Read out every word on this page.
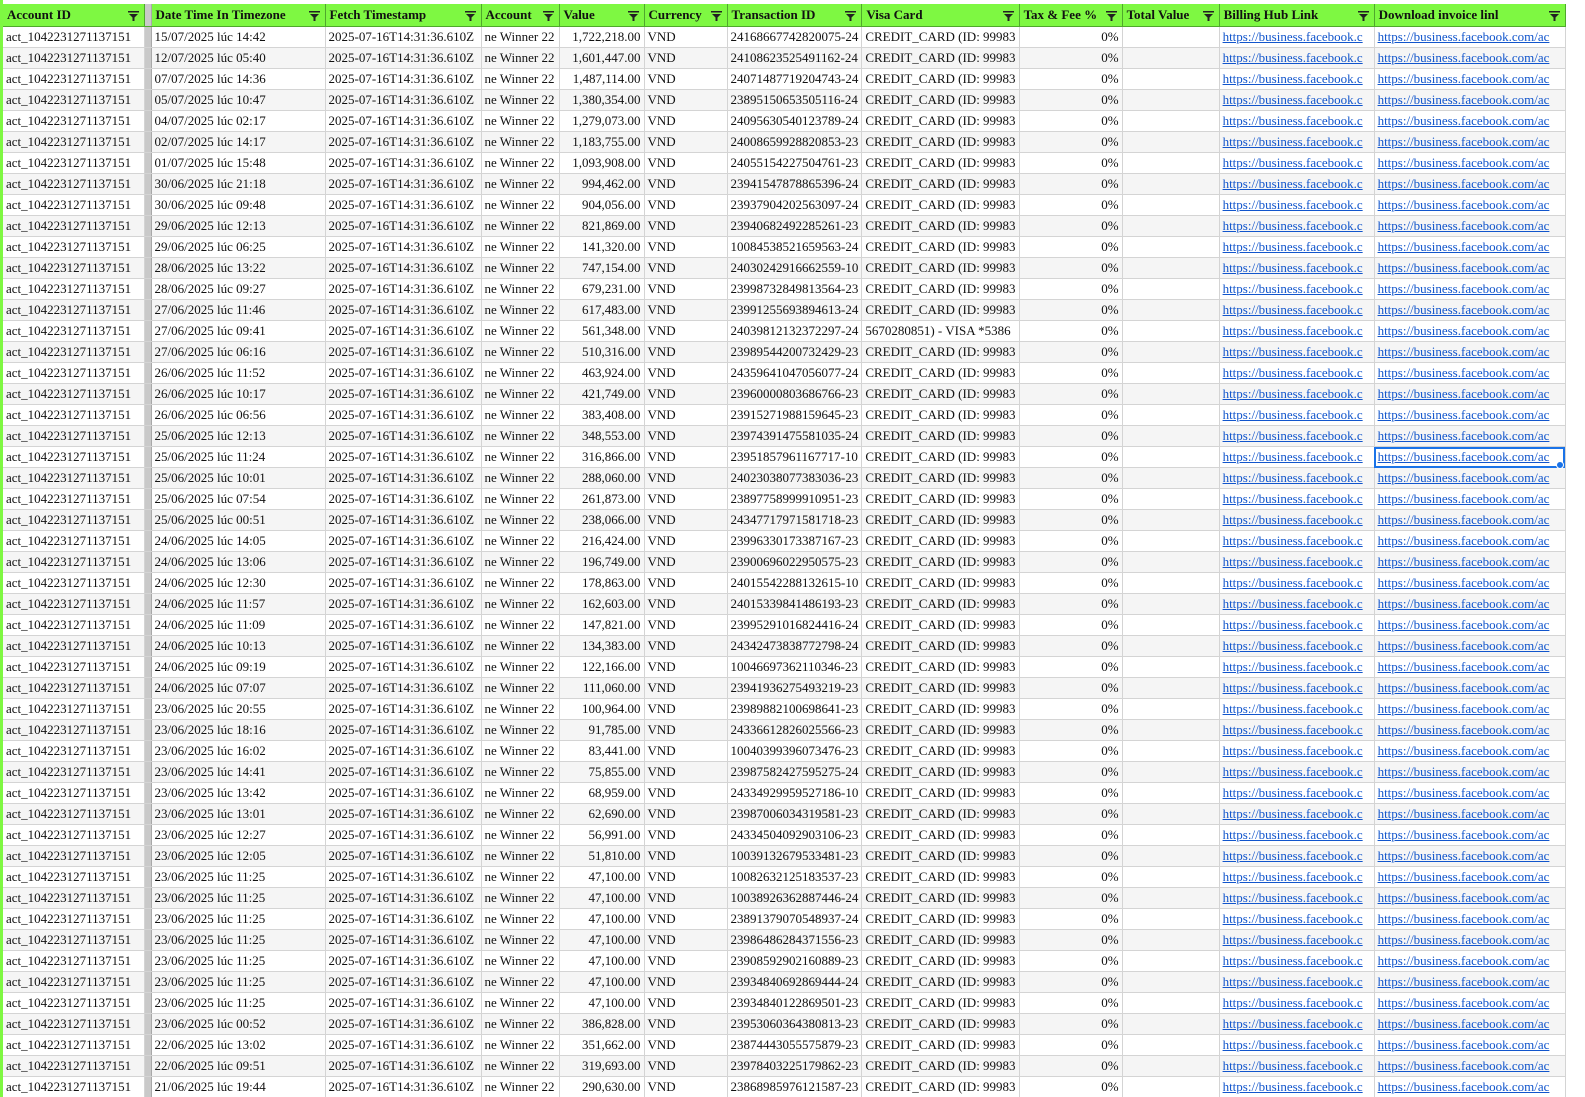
Account ID		Date Time In Timezone	Fetch Timestamp	Account	Value	Currency	Transaction ID	Visa Card	Tax & Fee %	Total Value	Billing Hub Link	Download invoice linl

act_1042231271137151		15/07/2025 lúc 14:42	2025-07-16T14:31:36.610Z	ne Winner 22	1,722,218.00	VND	24168667742820075-24	CREDIT_CARD (ID: 99983	0%		https://business.facebook.c	https://business.facebook.com/ac
act_1042231271137151		12/07/2025 lúc 05:40	2025-07-16T14:31:36.610Z	ne Winner 22	1,601,447.00	VND	24108623525491162-24	CREDIT_CARD (ID: 99983	0%		https://business.facebook.c	https://business.facebook.com/ac
act_1042231271137151		07/07/2025 lúc 14:36	2025-07-16T14:31:36.610Z	ne Winner 22	1,487,114.00	VND	24071487719204743-24	CREDIT_CARD (ID: 99983	0%		https://business.facebook.c	https://business.facebook.com/ac
act_1042231271137151		05/07/2025 lúc 10:47	2025-07-16T14:31:36.610Z	ne Winner 22	1,380,354.00	VND	23895150653505116-24	CREDIT_CARD (ID: 99983	0%		https://business.facebook.c	https://business.facebook.com/ac
act_1042231271137151		04/07/2025 lúc 02:17	2025-07-16T14:31:36.610Z	ne Winner 22	1,279,073.00	VND	24095630540123789-24	CREDIT_CARD (ID: 99983	0%		https://business.facebook.c	https://business.facebook.com/ac
act_1042231271137151		02/07/2025 lúc 14:17	2025-07-16T14:31:36.610Z	ne Winner 22	1,183,755.00	VND	24008659928820853-23	CREDIT_CARD (ID: 99983	0%		https://business.facebook.c	https://business.facebook.com/ac
act_1042231271137151		01/07/2025 lúc 15:48	2025-07-16T14:31:36.610Z	ne Winner 22	1,093,908.00	VND	24055154227504761-23	CREDIT_CARD (ID: 99983	0%		https://business.facebook.c	https://business.facebook.com/ac
act_1042231271137151		30/06/2025 lúc 21:18	2025-07-16T14:31:36.610Z	ne Winner 22	994,462.00	VND	23941547878865396-24	CREDIT_CARD (ID: 99983	0%		https://business.facebook.c	https://business.facebook.com/ac
act_1042231271137151		30/06/2025 lúc 09:48	2025-07-16T14:31:36.610Z	ne Winner 22	904,056.00	VND	23937904202563097-24	CREDIT_CARD (ID: 99983	0%		https://business.facebook.c	https://business.facebook.com/ac
act_1042231271137151		29/06/2025 lúc 12:13	2025-07-16T14:31:36.610Z	ne Winner 22	821,869.00	VND	23940682492285261-23	CREDIT_CARD (ID: 99983	0%		https://business.facebook.c	https://business.facebook.com/ac
act_1042231271137151		29/06/2025 lúc 06:25	2025-07-16T14:31:36.610Z	ne Winner 22	141,320.00	VND	10084538521659563-24	CREDIT_CARD (ID: 99983	0%		https://business.facebook.c	https://business.facebook.com/ac
act_1042231271137151		28/06/2025 lúc 13:22	2025-07-16T14:31:36.610Z	ne Winner 22	747,154.00	VND	24030242916662559-10	CREDIT_CARD (ID: 99983	0%		https://business.facebook.c	https://business.facebook.com/ac
act_1042231271137151		28/06/2025 lúc 09:27	2025-07-16T14:31:36.610Z	ne Winner 22	679,231.00	VND	23998732849813564-23	CREDIT_CARD (ID: 99983	0%		https://business.facebook.c	https://business.facebook.com/ac
act_1042231271137151		27/06/2025 lúc 11:46	2025-07-16T14:31:36.610Z	ne Winner 22	617,483.00	VND	23991255693894613-24	CREDIT_CARD (ID: 99983	0%		https://business.facebook.c	https://business.facebook.com/ac
act_1042231271137151		27/06/2025 lúc 09:41	2025-07-16T14:31:36.610Z	ne Winner 22	561,348.00	VND	24039812132372297-24	5670280851) - VISA *5386	0%		https://business.facebook.c	https://business.facebook.com/ac
act_1042231271137151		27/06/2025 lúc 06:16	2025-07-16T14:31:36.610Z	ne Winner 22	510,316.00	VND	23989544200732429-23	CREDIT_CARD (ID: 99983	0%		https://business.facebook.c	https://business.facebook.com/ac
act_1042231271137151		26/06/2025 lúc 11:52	2025-07-16T14:31:36.610Z	ne Winner 22	463,924.00	VND	24359641047056077-24	CREDIT_CARD (ID: 99983	0%		https://business.facebook.c	https://business.facebook.com/ac
act_1042231271137151		26/06/2025 lúc 10:17	2025-07-16T14:31:36.610Z	ne Winner 22	421,749.00	VND	23960000803686766-23	CREDIT_CARD (ID: 99983	0%		https://business.facebook.c	https://business.facebook.com/ac
act_1042231271137151		26/06/2025 lúc 06:56	2025-07-16T14:31:36.610Z	ne Winner 22	383,408.00	VND	23915271988159645-23	CREDIT_CARD (ID: 99983	0%		https://business.facebook.c	https://business.facebook.com/ac
act_1042231271137151		25/06/2025 lúc 12:13	2025-07-16T14:31:36.610Z	ne Winner 22	348,553.00	VND	23974391475581035-24	CREDIT_CARD (ID: 99983	0%		https://business.facebook.c	https://business.facebook.com/ac
act_1042231271137151		25/06/2025 lúc 11:24	2025-07-16T14:31:36.610Z	ne Winner 22	316,866.00	VND	23951857961167717-10	CREDIT_CARD (ID: 99983	0%		https://business.facebook.c	https://business.facebook.com/ac
act_1042231271137151		25/06/2025 lúc 10:01	2025-07-16T14:31:36.610Z	ne Winner 22	288,060.00	VND	24023038077383036-23	CREDIT_CARD (ID: 99983	0%		https://business.facebook.c	https://business.facebook.com/ac
act_1042231271137151		25/06/2025 lúc 07:54	2025-07-16T14:31:36.610Z	ne Winner 22	261,873.00	VND	23897758999910951-23	CREDIT_CARD (ID: 99983	0%		https://business.facebook.c	https://business.facebook.com/ac
act_1042231271137151		25/06/2025 lúc 00:51	2025-07-16T14:31:36.610Z	ne Winner 22	238,066.00	VND	24347717971581718-23	CREDIT_CARD (ID: 99983	0%		https://business.facebook.c	https://business.facebook.com/ac
act_1042231271137151		24/06/2025 lúc 14:05	2025-07-16T14:31:36.610Z	ne Winner 22	216,424.00	VND	23996330173387167-23	CREDIT_CARD (ID: 99983	0%		https://business.facebook.c	https://business.facebook.com/ac
act_1042231271137151		24/06/2025 lúc 13:06	2025-07-16T14:31:36.610Z	ne Winner 22	196,749.00	VND	23900696022950575-23	CREDIT_CARD (ID: 99983	0%		https://business.facebook.c	https://business.facebook.com/ac
act_1042231271137151		24/06/2025 lúc 12:30	2025-07-16T14:31:36.610Z	ne Winner 22	178,863.00	VND	24015542288132615-10	CREDIT_CARD (ID: 99983	0%		https://business.facebook.c	https://business.facebook.com/ac
act_1042231271137151		24/06/2025 lúc 11:57	2025-07-16T14:31:36.610Z	ne Winner 22	162,603.00	VND	24015339841486193-23	CREDIT_CARD (ID: 99983	0%		https://business.facebook.c	https://business.facebook.com/ac
act_1042231271137151		24/06/2025 lúc 11:09	2025-07-16T14:31:36.610Z	ne Winner 22	147,821.00	VND	23995291016824416-24	CREDIT_CARD (ID: 99983	0%		https://business.facebook.c	https://business.facebook.com/ac
act_1042231271137151		24/06/2025 lúc 10:13	2025-07-16T14:31:36.610Z	ne Winner 22	134,383.00	VND	24342473838772798-24	CREDIT_CARD (ID: 99983	0%		https://business.facebook.c	https://business.facebook.com/ac
act_1042231271137151		24/06/2025 lúc 09:19	2025-07-16T14:31:36.610Z	ne Winner 22	122,166.00	VND	10046697362110346-23	CREDIT_CARD (ID: 99983	0%		https://business.facebook.c	https://business.facebook.com/ac
act_1042231271137151		24/06/2025 lúc 07:07	2025-07-16T14:31:36.610Z	ne Winner 22	111,060.00	VND	23941936275493219-23	CREDIT_CARD (ID: 99983	0%		https://business.facebook.c	https://business.facebook.com/ac
act_1042231271137151		23/06/2025 lúc 20:55	2025-07-16T14:31:36.610Z	ne Winner 22	100,964.00	VND	23989882100698641-23	CREDIT_CARD (ID: 99983	0%		https://business.facebook.c	https://business.facebook.com/ac
act_1042231271137151		23/06/2025 lúc 18:16	2025-07-16T14:31:36.610Z	ne Winner 22	91,785.00	VND	24336612826025566-23	CREDIT_CARD (ID: 99983	0%		https://business.facebook.c	https://business.facebook.com/ac
act_1042231271137151		23/06/2025 lúc 16:02	2025-07-16T14:31:36.610Z	ne Winner 22	83,441.00	VND	10040399396073476-23	CREDIT_CARD (ID: 99983	0%		https://business.facebook.c	https://business.facebook.com/ac
act_1042231271137151		23/06/2025 lúc 14:41	2025-07-16T14:31:36.610Z	ne Winner 22	75,855.00	VND	23987582427595275-24	CREDIT_CARD (ID: 99983	0%		https://business.facebook.c	https://business.facebook.com/ac
act_1042231271137151		23/06/2025 lúc 13:42	2025-07-16T14:31:36.610Z	ne Winner 22	68,959.00	VND	24334929959527186-10	CREDIT_CARD (ID: 99983	0%		https://business.facebook.c	https://business.facebook.com/ac
act_1042231271137151		23/06/2025 lúc 13:01	2025-07-16T14:31:36.610Z	ne Winner 22	62,690.00	VND	23987006034319581-23	CREDIT_CARD (ID: 99983	0%		https://business.facebook.c	https://business.facebook.com/ac
act_1042231271137151		23/06/2025 lúc 12:27	2025-07-16T14:31:36.610Z	ne Winner 22	56,991.00	VND	24334504092903106-23	CREDIT_CARD (ID: 99983	0%		https://business.facebook.c	https://business.facebook.com/ac
act_1042231271137151		23/06/2025 lúc 12:05	2025-07-16T14:31:36.610Z	ne Winner 22	51,810.00	VND	10039132679533481-23	CREDIT_CARD (ID: 99983	0%		https://business.facebook.c	https://business.facebook.com/ac
act_1042231271137151		23/06/2025 lúc 11:25	2025-07-16T14:31:36.610Z	ne Winner 22	47,100.00	VND	10082632125183537-23	CREDIT_CARD (ID: 99983	0%		https://business.facebook.c	https://business.facebook.com/ac
act_1042231271137151		23/06/2025 lúc 11:25	2025-07-16T14:31:36.610Z	ne Winner 22	47,100.00	VND	10038926362887446-24	CREDIT_CARD (ID: 99983	0%		https://business.facebook.c	https://business.facebook.com/ac
act_1042231271137151		23/06/2025 lúc 11:25	2025-07-16T14:31:36.610Z	ne Winner 22	47,100.00	VND	23891379070548937-24	CREDIT_CARD (ID: 99983	0%		https://business.facebook.c	https://business.facebook.com/ac
act_1042231271137151		23/06/2025 lúc 11:25	2025-07-16T14:31:36.610Z	ne Winner 22	47,100.00	VND	23986486284371556-23	CREDIT_CARD (ID: 99983	0%		https://business.facebook.c	https://business.facebook.com/ac
act_1042231271137151		23/06/2025 lúc 11:25	2025-07-16T14:31:36.610Z	ne Winner 22	47,100.00	VND	23908592902160889-23	CREDIT_CARD (ID: 99983	0%		https://business.facebook.c	https://business.facebook.com/ac
act_1042231271137151		23/06/2025 lúc 11:25	2025-07-16T14:31:36.610Z	ne Winner 22	47,100.00	VND	23934840692869444-24	CREDIT_CARD (ID: 99983	0%		https://business.facebook.c	https://business.facebook.com/ac
act_1042231271137151		23/06/2025 lúc 11:25	2025-07-16T14:31:36.610Z	ne Winner 22	47,100.00	VND	23934840122869501-23	CREDIT_CARD (ID: 99983	0%		https://business.facebook.c	https://business.facebook.com/ac
act_1042231271137151		23/06/2025 lúc 00:52	2025-07-16T14:31:36.610Z	ne Winner 22	386,828.00	VND	23953060364380813-23	CREDIT_CARD (ID: 99983	0%		https://business.facebook.c	https://business.facebook.com/ac
act_1042231271137151		22/06/2025 lúc 13:02	2025-07-16T14:31:36.610Z	ne Winner 22	351,662.00	VND	23874443055575879-23	CREDIT_CARD (ID: 99983	0%		https://business.facebook.c	https://business.facebook.com/ac
act_1042231271137151		22/06/2025 lúc 09:51	2025-07-16T14:31:36.610Z	ne Winner 22	319,693.00	VND	23978403225179862-23	CREDIT_CARD (ID: 99983	0%		https://business.facebook.c	https://business.facebook.com/ac
act_1042231271137151		21/06/2025 lúc 19:44	2025-07-16T14:31:36.610Z	ne Winner 22	290,630.00	VND	23868985976121587-23	CREDIT_CARD (ID: 99983	0%		https://business.facebook.c	https://business.facebook.com/ac
